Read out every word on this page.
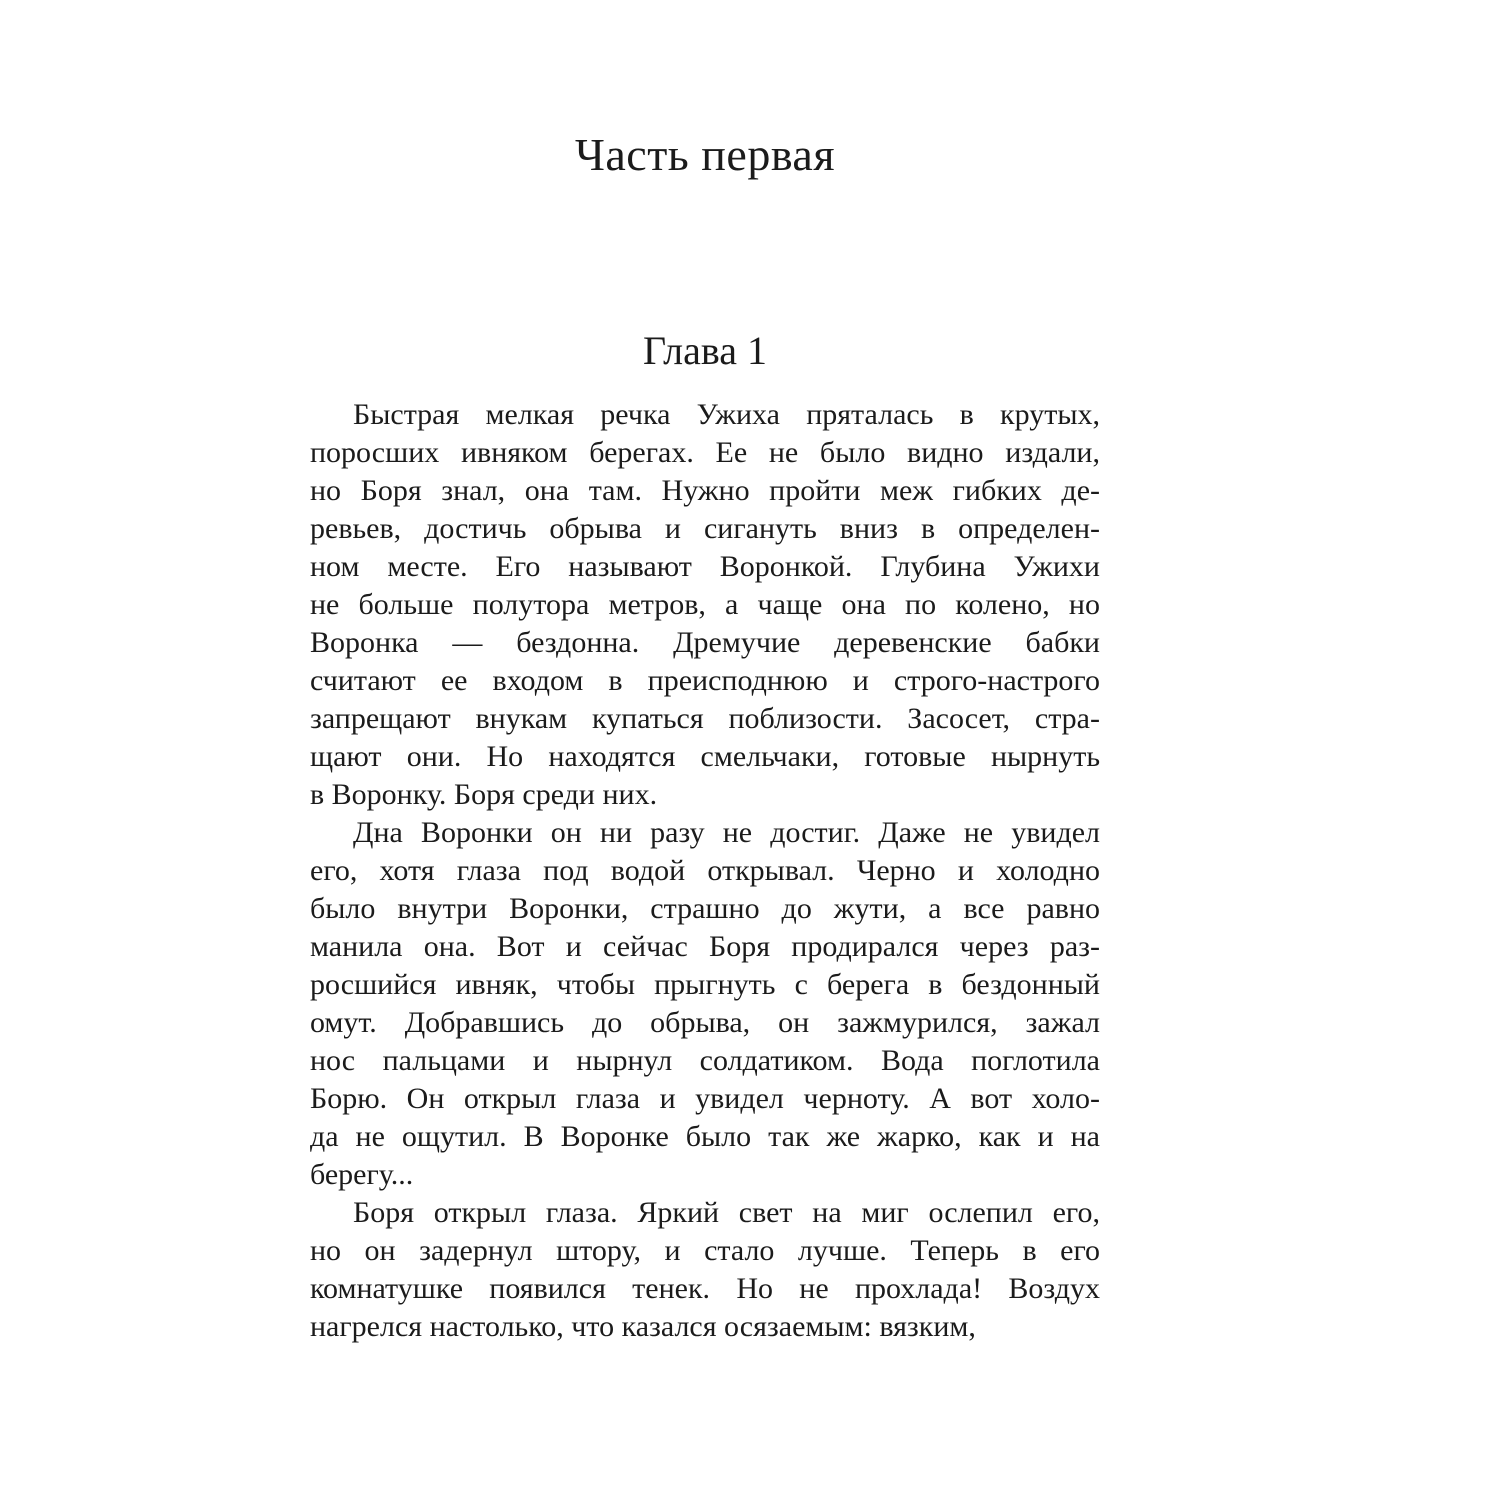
Часть первая
Глава 1
Быстрая мелкая речка Ужиха пряталась в крутых,
поросших ивняком берегах. Ее не было видно издали,
но Боря знал, она там. Нужно пройти меж гибких де-
ревьев, достичь обрыва и сигануть вниз в определен-
ном месте. Его называют Воронкой. Глубина Ужихи
не больше полутора метров, а чаще она по колено, но
Воронка — бездонна. Дремучие деревенские бабки
считают ее входом в преисподнюю и строго-настрого
запрещают внукам купаться поблизости. Засосет, стра-
щают они. Но находятся смельчаки, готовые нырнуть
в Воронку. Боря среди них.
Дна Воронки он ни разу не достиг. Даже не увидел
его, хотя глаза под водой открывал. Черно и холодно
было внутри Воронки, страшно до жути, а все равно
манила она. Вот и сейчас Боря продирался через раз-
росшийся ивняк, чтобы прыгнуть с берега в бездонный
омут. Добравшись до обрыва, он зажмурился, зажал
нос пальцами и нырнул солдатиком. Вода поглотила
Борю. Он открыл глаза и увидел черноту. А вот холо-
да не ощутил. В Воронке было так же жарко, как и на
берегу...
Боря открыл глаза. Яркий свет на миг ослепил его,
но он задернул штору, и стало лучше. Теперь в его
комнатушке появился тенек. Но не прохлада! Воздух
нагрелся настолько, что казался осязаемым: вязким,
